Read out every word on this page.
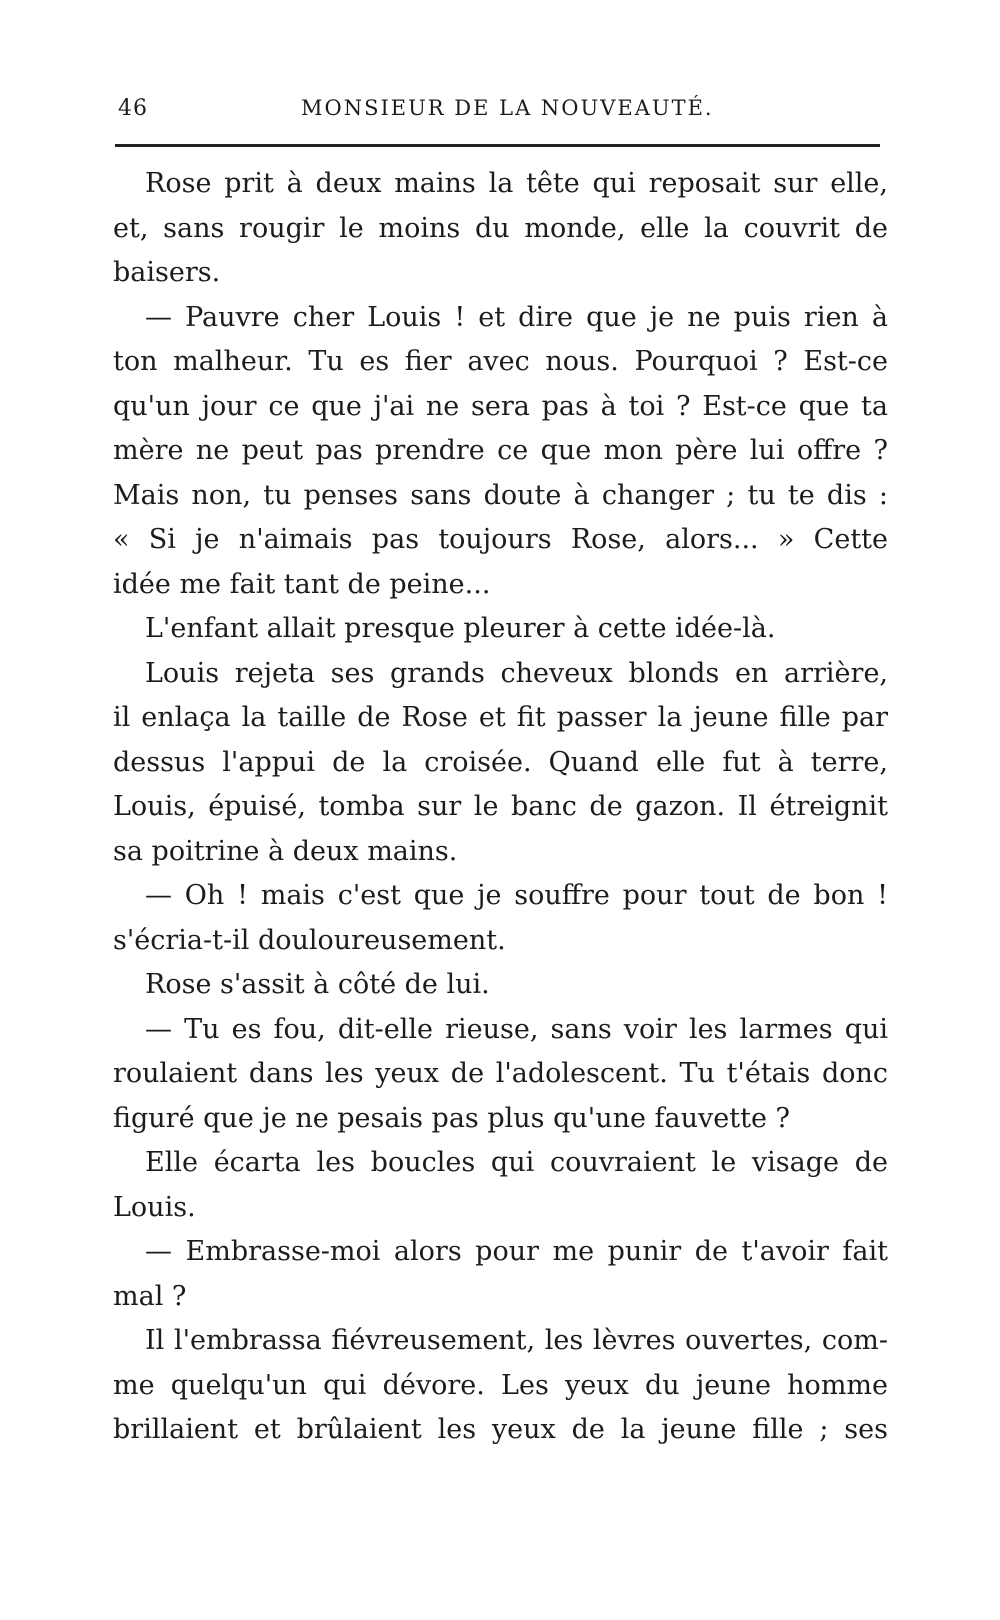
46	MONSIEUR DE LA NOUVEAUTÉ.
Rose prit à deux mains la tête qui reposait sur elle,
et, sans rougir le moins du monde, elle la couvrit de
baisers.
— Pauvre cher Louis ! et dire que je ne puis rien à
ton malheur. Tu es fier avec nous. Pourquoi ? Est-ce
qu'un jour ce que j'ai ne sera pas à toi ? Est-ce que ta
mère ne peut pas prendre ce que mon père lui offre ?
Mais non, tu penses sans doute à changer ; tu te dis :
« Si je n'aimais pas toujours Rose, alors... » Cette
idée me fait tant de peine...
L'enfant allait presque pleurer à cette idée-là.
Louis rejeta ses grands cheveux blonds en arrière,
il enlaça la taille de Rose et fit passer la jeune fille par
dessus l'appui de la croisée. Quand elle fut à terre,
Louis, épuisé, tomba sur le banc de gazon. Il étreignit
sa poitrine à deux mains.
— Oh ! mais c'est que je souffre pour tout de bon !
s'écria-t-il douloureusement.
Rose s'assit à côté de lui.
— Tu es fou, dit-elle rieuse, sans voir les larmes qui
roulaient dans les yeux de l'adolescent. Tu t'étais donc
figuré que je ne pesais pas plus qu'une fauvette ?
Elle écarta les boucles qui couvraient le visage de
Louis.
— Embrasse-moi alors pour me punir de t'avoir fait
mal ?
Il l'embrassa fiévreusement, les lèvres ouvertes, com-
me quelqu'un qui dévore. Les yeux du jeune homme
brillaient et brûlaient les yeux de la jeune fille ; ses
